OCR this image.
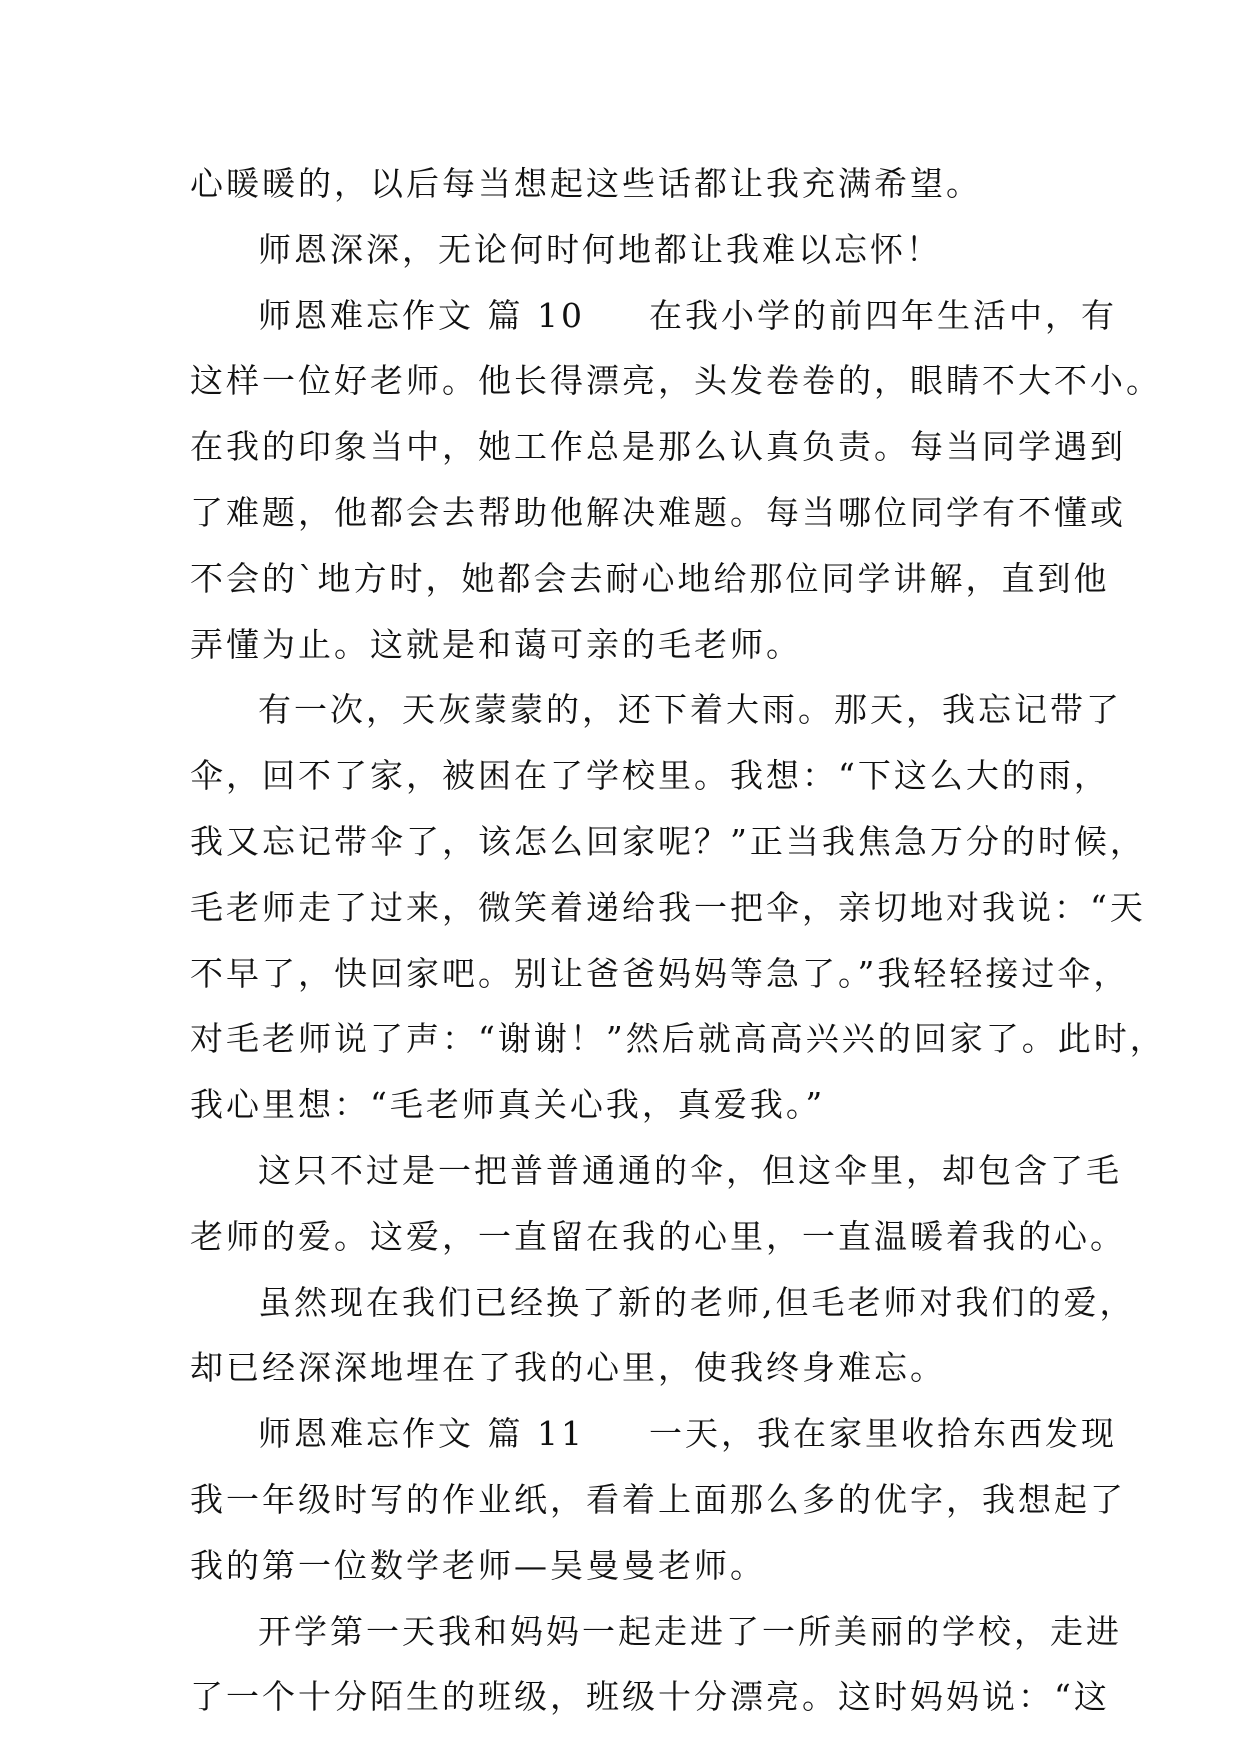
心暖暖的，以后每当想起这些话都让我充满希望。
师恩深深，无论何时何地都让我难以忘怀！
师恩难忘作文 篇 10 在我小学的前四年生活中，有
这样一位好老师。他长得漂亮，头发卷卷的，眼睛不大不小。
在我的印象当中，她工作总是那么认真负责。每当同学遇到
了难题，他都会去帮助他解决难题。每当哪位同学有不懂或
不会的`地方时，她都会去耐心地给那位同学讲解，直到他
弄懂为止。这就是和蔼可亲的毛老师。
有一次，天灰蒙蒙的，还下着大雨。那天，我忘记带了
伞，回不了家，被困在了学校里。我想：“下这么大的雨，
我又忘记带伞了，该怎么回家呢？”正当我焦急万分的时候，
毛老师走了过来，微笑着递给我一把伞，亲切地对我说：“天
不早了，快回家吧。别让爸爸妈妈等急了。”我轻轻接过伞，
对毛老师说了声：“谢谢！”然后就高高兴兴的回家了。此时，
我心里想：“毛老师真关心我，真爱我。”
这只不过是一把普普通通的伞，但这伞里，却包含了毛
老师的爱。这爱，一直留在我的心里，一直温暖着我的心。
虽然现在我们已经换了新的老师,但毛老师对我们的爱，
却已经深深地埋在了我的心里，使我终身难忘。
师恩难忘作文 篇 11 一天，我在家里收拾东西发现
我一年级时写的作业纸，看着上面那么多的优字，我想起了
我的第一位数学老师—吴曼曼老师。
开学第一天我和妈妈一起走进了一所美丽的学校，走进
了一个十分陌生的班级，班级十分漂亮。这时妈妈说：“这
